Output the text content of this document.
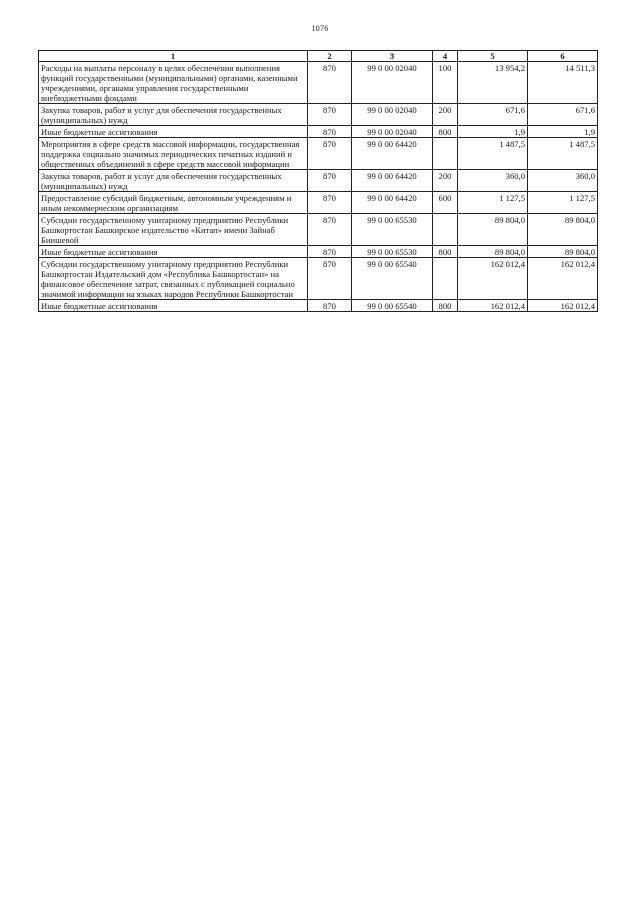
1076
1	2	3	4	5	6
Расходы на выплаты персоналу в целях обеспечения выполнения функций государственными (муниципальными) органами, казенными учреждениями, органами управления государственными внебюджетными фондами	870	99 0 00 02040	100	13 954,2	14 511,3
Закупка товаров, работ и услуг для обеспечения государственных (муниципальных) нужд	870	99 0 00 02040	200	671,6	671,6
Иные бюджетные ассигнования	870	99 0 00 02040	800	1,9	1,9
Мероприятия в сфере средств массовой информации, государственная поддержка социально значимых периодических печатных изданий и общественных объединений в сфере средств массовой информации	870	99 0 00 64420		1 487,5	1 487,5
Закупка товаров, работ и услуг для обеспечения государственных (муниципальных) нужд	870	99 0 00 64420	200	360,0	360,0
Предоставление субсидий бюджетным, автономным учреждениям и иным некоммерческим организациям	870	99 0 00 64420	600	1 127,5	1 127,5
Субсидии государственному унитарному предприятию Республики Башкортостан Башкирское издательство «Китап» имени Зайнаб Биишевой	870	99 0 00 65530		89 804,0	89 804,0
Иные бюджетные ассигнования	870	99 0 00 65530	800	89 804,0	89 804,0
Субсидии государственному унитарному предприятию Республики Башкортостан Издательский дом «Республика Башкортостан» на финансовое обеспечение затрат, связанных с публикацией социально значимой информации на языках народов Республики Башкортостан	870	99 0 00 65540		162 012,4	162 012,4
Иные бюджетные ассигнования	870	99 0 00 65540	800	162 012,4	162 012,4
